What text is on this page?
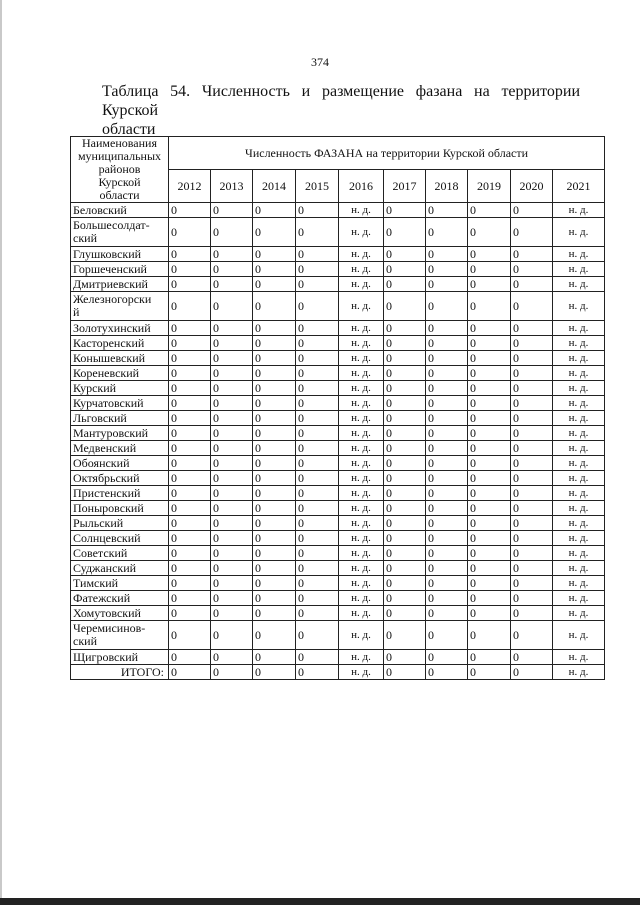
374
Таблица 54. Численность и размещение фазана на территории Курской
области
Наименования
муниципальных
районов
Курской
области	Численность ФАЗАНА на территории Курской области									
	2012	2013	2014	2015	2016	2017	2018	2019	2020	2021

Беловский	0	0	0	0	н. д.	0	0	0	0	н. д.

Большесолдат-
ский	0	0	0	0	н. д.	0	0	0	0	н. д.

Глушковский	0	0	0	0	н. д.	0	0	0	0	н. д.

Горшеченский	0	0	0	0	н. д.	0	0	0	0	н. д.

Дмитриевский	0	0	0	0	н. д.	0	0	0	0	н. д.

Железногорски
й	0	0	0	0	н. д.	0	0	0	0	н. д.

Золотухинский	0	0	0	0	н. д.	0	0	0	0	н. д.

Касторенский	0	0	0	0	н. д.	0	0	0	0	н. д.

Конышевский	0	0	0	0	н. д.	0	0	0	0	н. д.

Кореневский	0	0	0	0	н. д.	0	0	0	0	н. д.

Курский	0	0	0	0	н. д.	0	0	0	0	н. д.

Курчатовский	0	0	0	0	н. д.	0	0	0	0	н. д.

Льговский	0	0	0	0	н. д.	0	0	0	0	н. д.

Мантуровский	0	0	0	0	н. д.	0	0	0	0	н. д.

Медвенский	0	0	0	0	н. д.	0	0	0	0	н. д.

Обоянский	0	0	0	0	н. д.	0	0	0	0	н. д.

Октябрьский	0	0	0	0	н. д.	0	0	0	0	н. д.

Пристенский	0	0	0	0	н. д.	0	0	0	0	н. д.

Поныровский	0	0	0	0	н. д.	0	0	0	0	н. д.

Рыльский	0	0	0	0	н. д.	0	0	0	0	н. д.

Солнцевский	0	0	0	0	н. д.	0	0	0	0	н. д.

Советский	0	0	0	0	н. д.	0	0	0	0	н. д.

Суджанский	0	0	0	0	н. д.	0	0	0	0	н. д.

Тимский	0	0	0	0	н. д.	0	0	0	0	н. д.

Фатежский	0	0	0	0	н. д.	0	0	0	0	н. д.

Хомутовский	0	0	0	0	н. д.	0	0	0	0	н. д.

Черемисинов-
ский	0	0	0	0	н. д.	0	0	0	0	н. д.

Щигровский	0	0	0	0	н. д.	0	0	0	0	н. д.
ИТОГО:	0	0	0	0	н. д.	0	0	0	0	н. д.
